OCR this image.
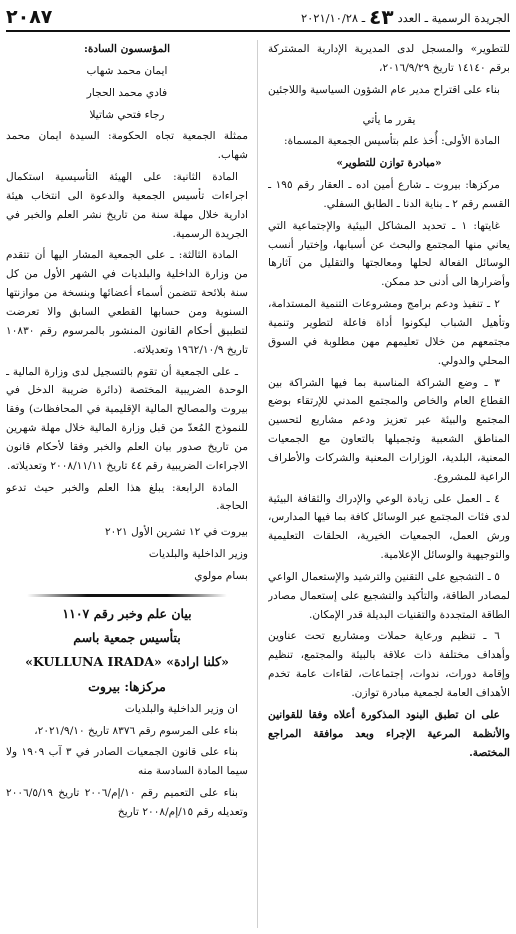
الجريدة الرسمية ـ العدد
٤٣
ـ ٢٠٢١/١٠/٢٨
٢٠٨٧

للتطوير» والمسجل لدى المديرية الإدارية المشتركة برقم ١٤١٤٠ تاريخ ٢٠١٦/٩/٢٩،

بناء على اقتراح مدير عام الشؤون السياسية واللاجئين

يقرر ما يأتي

المادة الأولى: أُخذ علم بتأسيس الجمعية المسماة:

«مبادرة توازن للتطوير»

مركزها: بيروت ـ شارع أمين اده ـ العقار رقم ١٩٥ ـ القسم رقم ٢ ـ بناية الدنا ـ الطابق السفلي.

غايتها: ١ ـ تحديد المشاكل البيئية والإجتماعية التي يعاني منها المجتمع والبحث عن أسبابها، وإختيار أنسب الوسائل الفعالة لحلها ومعالجتها والتقليل من آثارها وأضرارها الى أدنى حد ممكن.

٢ ـ تنفيذ ودعم برامج ومشروعات التنمية المستدامة، وتأهيل الشباب ليكونوا أداة فاعلة لتطوير وتنمية مجتمعهم من خلال تعليمهم مهن مطلوبة في السوق المحلي والدولي.

٣ ـ وضع الشراكة المناسبة بما فيها الشراكة بين القطاع العام والخاص والمجتمع المدني للإرتقاء بوضع المجتمع والبيئة عبر تعزيز ودعم مشاريع لتحسين المناطق الشعبية وتجميلها بالتعاون مع الجمعيات المعنية، البلدية، الوزارات المعنية والشركات والأطراف الراعية للمشروع.

٤ ـ العمل على زيادة الوعي والإدراك والثقافة البيئية لدى فئات المجتمع عبر الوسائل كافة بما فيها المدارس، ورش العمل، الجمعيات الخيرية، الحلقات التعليمية والتوجيهية والوسائل الإعلامية.

٥ ـ التشجيع على التقنين والترشيد والإستعمال الواعي لمصادر الطاقة، والتأكيد والتشجيع على إستعمال مصادر الطاقة المتجددة والتقنيات البديلة قدر الإمكان.

٦ ـ تنظيم ورعاية حملات ومشاريع تحت عناوين وأهداف مختلفة ذات علاقة بالبيئة والمجتمع، تنظيم وإقامة دورات، ندوات، إجتماعات، لقاءات عامة تخدم الأهداف العامة لجمعية مبادرة توازن.

على ان تطبق البنود المذكورة أعلاه وفقا للقوانين والأنظمة المرعية الإجراء وبعد موافقة المراجع المختصة.

المؤسسون السادة:

ايمان محمد شهاب

فادي محمد الحجار

رجاء فتحي شاتيلا

ممثلة الجمعية تجاه الحكومة: السيدة ايمان محمد شهاب.

المادة الثانية: على الهيئة التأسيسية استكمال اجراءات تأسيس الجمعية والدعوة الى انتخاب هيئة ادارية خلال مهلة سنة من تاريخ نشر العلم والخبر في الجريدة الرسمية.

المادة الثالثة: ـ على الجمعية المشار اليها أن تتقدم من وزارة الداخلية والبلديات في الشهر الأول من كل سنة بلائحة تتضمن أسماء أعضائها وبنسخة من موازنتها السنوية ومن حسابها القطعي السابق والا تعرضت لتطبيق أحكام القانون المنشور بالمرسوم رقم ١٠٨٣٠ تاريخ ١٩٦٢/١٠/٩ وتعديلاته.

ـ على الجمعية أن تقوم بالتسجيل لدى وزارة المالية ـ الوحدة الضريبية المختصة (دائرة ضريبة الدخل في بيروت والمصالح المالية الإقليمية في المحافظات) وفقا للنموذج المُعدّ من قبل وزارة المالية خلال مهلة شهرين من تاريخ صدور بيان العلم والخبر وفقا لأحكام قانون الاجراءات الضريبية رقم ٤٤ تاريخ ٢٠٠٨/١١/١١ وتعديلاته.

المادة الرابعة: يبلغ هذا العلم والخبر حيث تدعو الحاجة.

بيروت في ١٢ تشرين الأول ٢٠٢١

وزير الداخلية والبلديات

بسام مولوي

بيان علم وخبر رقم ١١٠٧

بتأسيس جمعية باسم

«كلنا ارادة» «KULLUNA IRADA»

مركزها: بيروت

ان وزير الداخلية والبلديات

بناء على المرسوم رقم ٨٣٧٦ تاريخ ٢٠٢١/٩/١٠،

بناء على قانون الجمعيات الصادر في ٣ آب ١٩٠٩ ولا سيما المادة السادسة منه

بناء على التعميم رقم ١٠/إم/٢٠٠٦ تاريخ ٢٠٠٦/٥/١٩ وتعديله رقم ١٥/إم/٢٠٠٨ تاريخ
